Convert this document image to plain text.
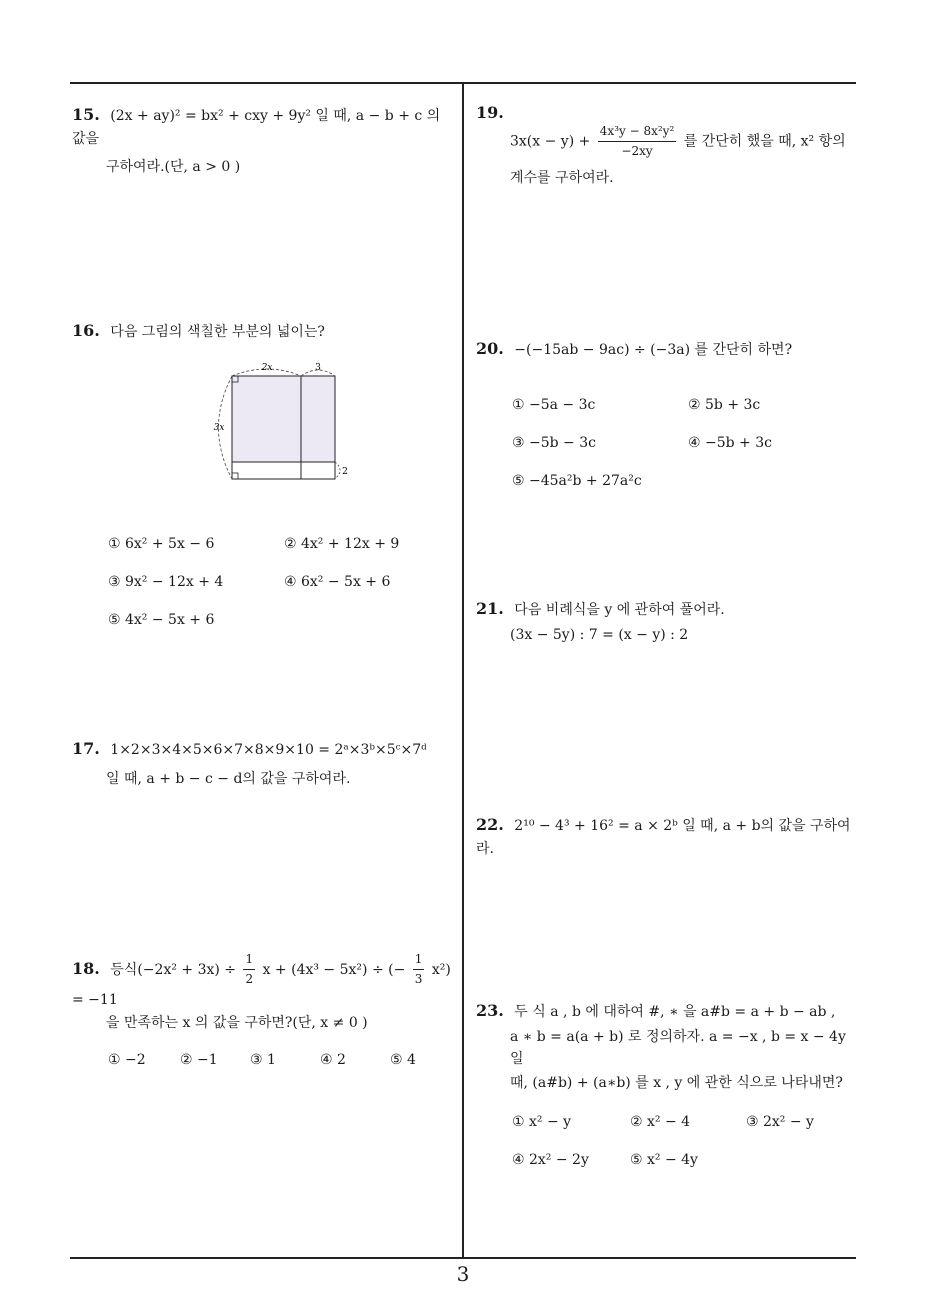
15. (2x + ay)² = bx² + cxy + 9y² 일 때, a − b + c 의 값을
구하여라.(단, a > 0 )
16. 다음 그림의 색칠한 부분의 넓이는?
2x	3
3x
2
① 6x² + 5x − 6	② 4x² + 12x + 9
③ 9x² − 12x + 4	④ 6x² − 5x + 6
⑤ 4x² − 5x + 6
17. 1×2×3×4×5×6×7×8×9×10 = 2ᵃ×3ᵇ×5ᶜ×7ᵈ
일 때, a + b − c − d의 값을 구하여라.
18. 등식$(-2x^2 + 3x) \div \frac{1}{2}$ x + (4x³ − 5x²) ÷ (− $\frac{1}{3} x^2) = -11$
을 만족하는 x 의 값을 구하면?(단, x ≠ 0 )
① −2 ② −1 ③ 1	④ 2	⑤ 4
19.
$3x(x - y) + \frac{\text{4x³y − 8x²y²}}{-2xy}$ 를 간단히 했을 때, x² 항의
계수를 구하여라.
20. −(−15ab − 9ac) ÷ (−3a) 를 간단히 하면?
① −5a − 3c	② 5b + 3c
③ −5b − 3c	④ −5b + 3c
⑤ −45a²b + 27a²c
21. 다음 비례식을 y 에 관하여 풀어라.
(3x − 5y) : 7 = (x − y) : 2
22. 2¹⁰ − 4³ + 16² = a × 2ᵇ 일 때, a + b의 값을 구하여라.
23. 두 식 a , b 에 대하여 #, ∗ 을 a#b = a + b − ab ,
a ∗ b = a(a + b) 로 정의하자. a = −x , b = x − 4y 일
때, (a#b) + (a∗b) 를 x , y 에 관한 식으로 나타내면?
① x² − y	② x² − 4	③ 2x² − y
④ 2x² − 2y	⑤ x² − 4y
3
